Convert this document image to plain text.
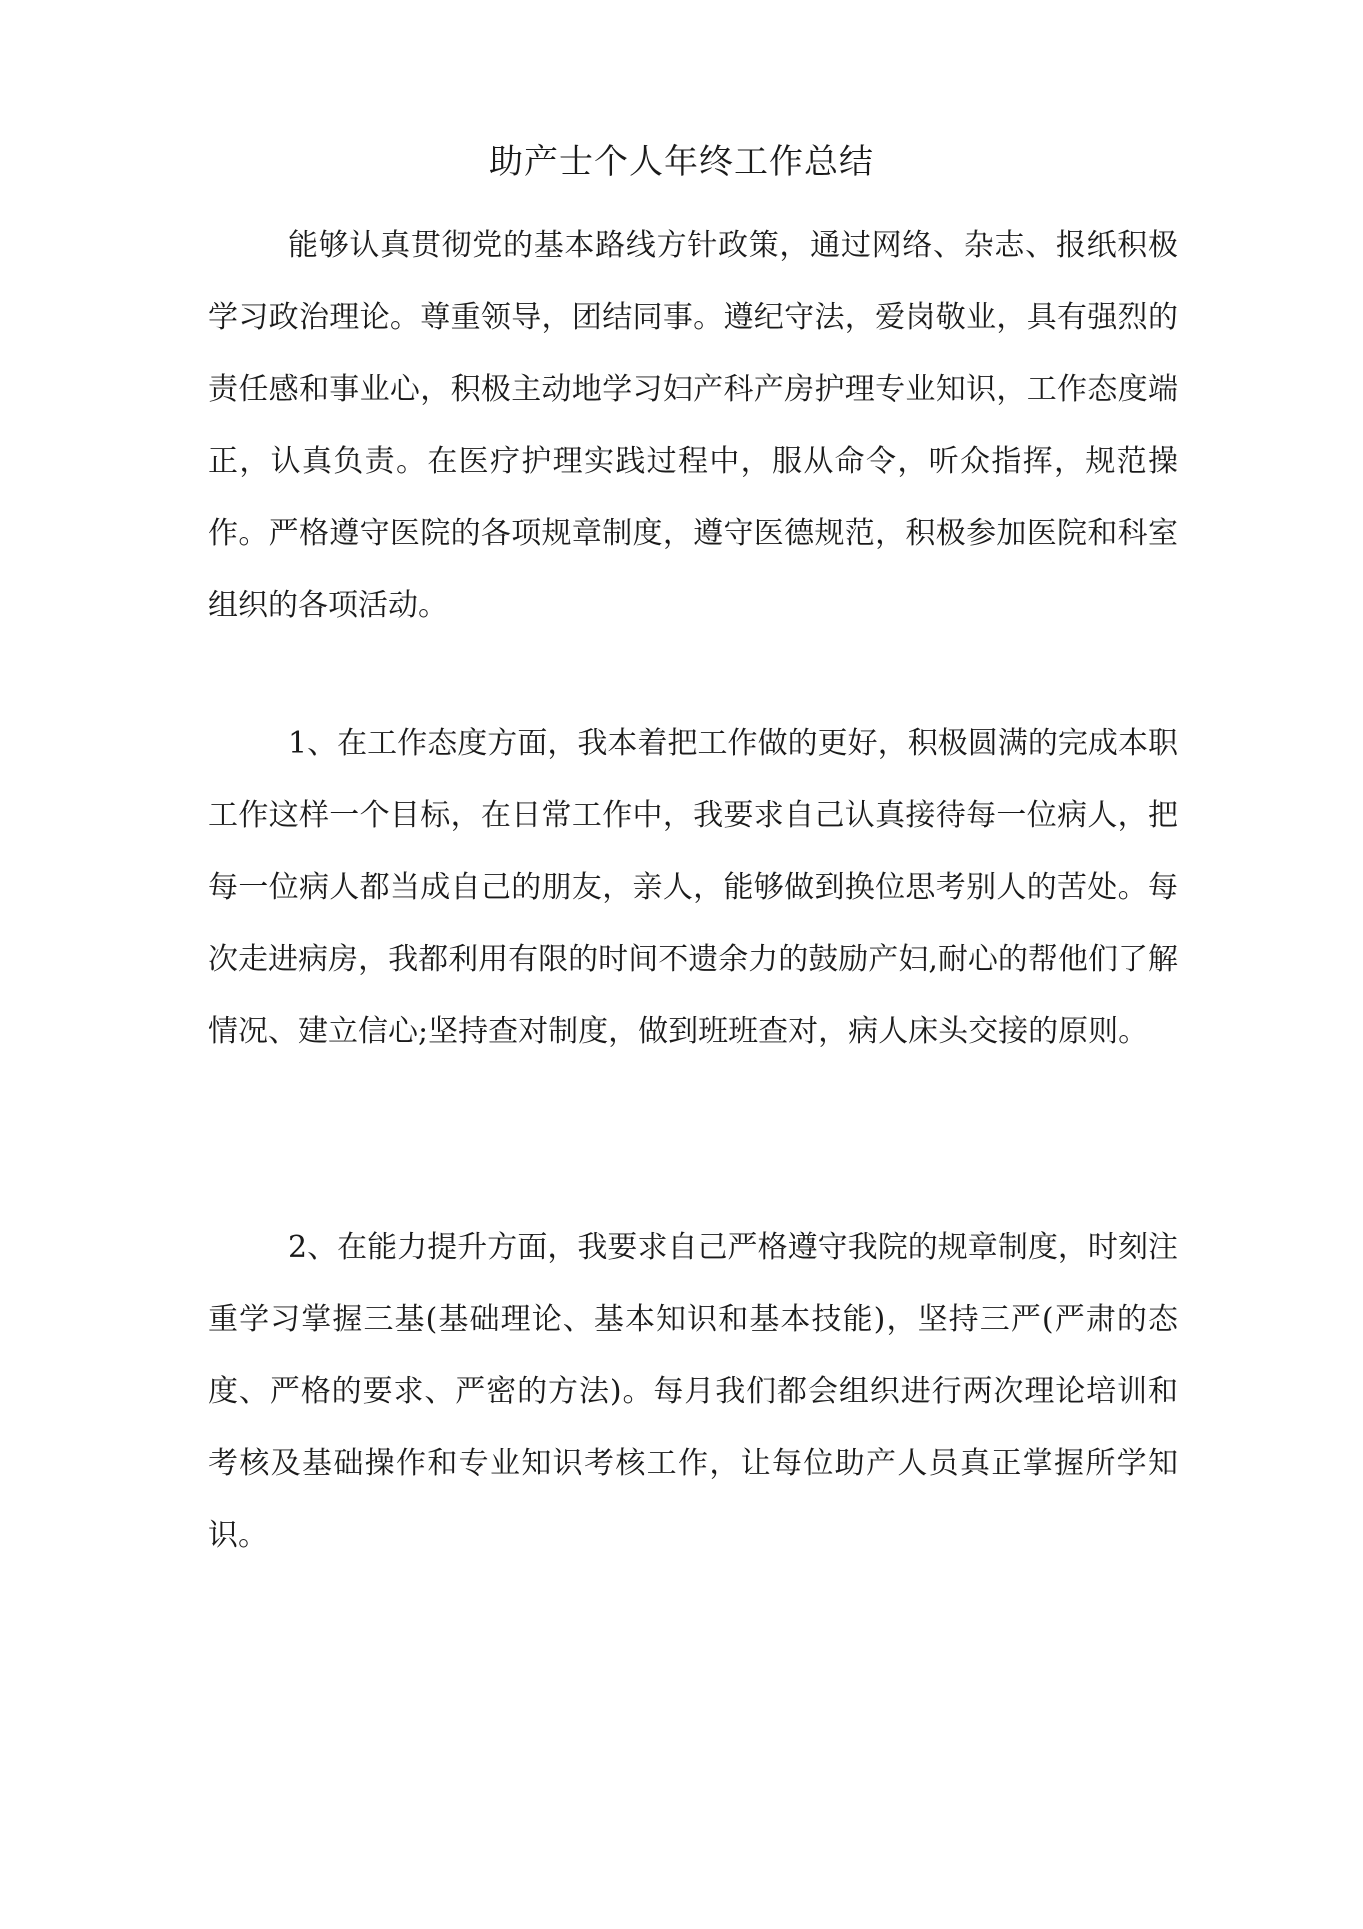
助产士个人年终工作总结

能够认真贯彻党的基本路线方针政策，通过网络、杂志、报纸积极学习政治理论。尊重领导，团结同事。遵纪守法，爱岗敬业，具有强烈的责任感和事业心，积极主动地学习妇产科产房护理专业知识，工作态度端正，认真负责。在医疗护理实践过程中，服从命令，听众指挥，规范操作。严格遵守医院的各项规章制度，遵守医德规范，积极参加医院和科室组织的各项活动。

1、在工作态度方面，我本着把工作做的更好，积极圆满的完成本职工作这样一个目标，在日常工作中，我要求自己认真接待每一位病人，把每一位病人都当成自己的朋友，亲人，能够做到换位思考别人的苦处。每次走进病房，我都利用有限的时间不遗余力的鼓励产妇,耐心的帮他们了解情况、建立信心;坚持查对制度，做到班班查对，病人床头交接的原则。

2、在能力提升方面，我要求自己严格遵守我院的规章制度，时刻注重学习掌握三基(基础理论、基本知识和基本技能)，坚持三严(严肃的态度、严格的要求、严密的方法)。每月我们都会组织进行两次理论培训和考核及基础操作和专业知识考核工作，让每位助产人员真正掌握所学知识。
